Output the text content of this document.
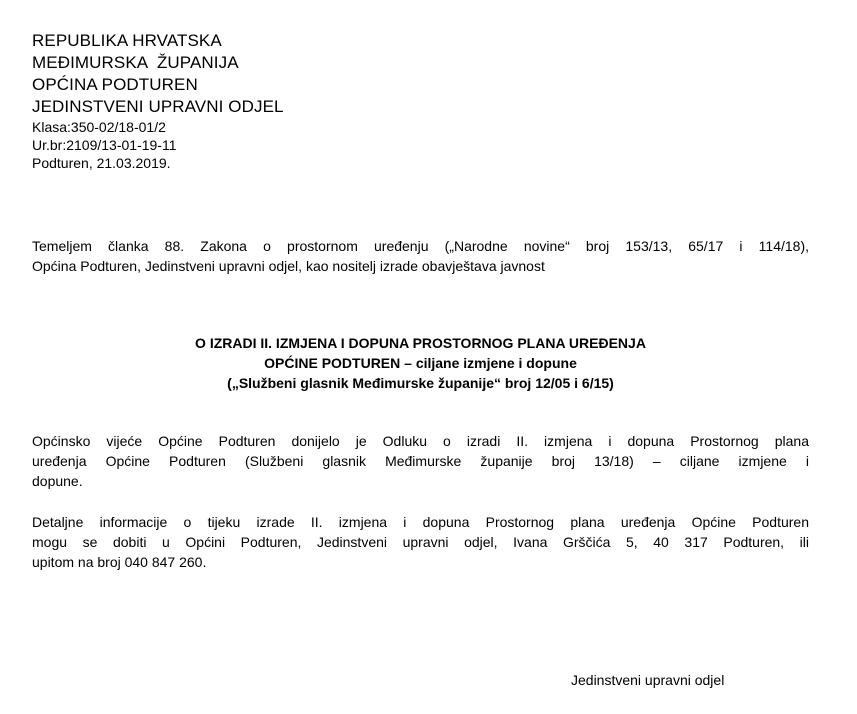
REPUBLIKA HRVATSKA
MEĐIMURSKA  ŽUPANIJA
OPĆINA PODTUREN
JEDINSTVENI UPRAVNI ODJEL
Klasa:350-02/18-01/2
Ur.br:2109/13-01-19-11
Podturen, 21.03.2019.
Temeljem članka 88. Zakona o prostornom uređenju („Narodne novine“ broj 153/13, 65/17 i 114/18),
Općina Podturen, Jedinstveni upravni odjel, kao nositelj izrade obavještava javnost
O IZRADI II. IZMJENA I DOPUNA PROSTORNOG PLANA UREĐENJA
OPĆINE PODTUREN – ciljane izmjene i dopune
(„Službeni glasnik Međimurske županije“ broj 12/05 i 6/15)
Općinsko vijeće Općine Podturen donijelo je Odluku o izradi II. izmjena i dopuna Prostornog plana
uređenja Općine Podturen (Službeni glasnik Međimurske županije broj 13/18) – ciljane izmjene i
dopune.
Detaljne informacije o tijeku izrade II. izmjena i dopuna Prostornog plana uređenja Općine Podturen
mogu se dobiti u Općini Podturen, Jedinstveni upravni odjel, Ivana Grščića 5, 40 317 Podturen, ili
upitom na broj 040 847 260.
Jedinstveni upravni odjel
